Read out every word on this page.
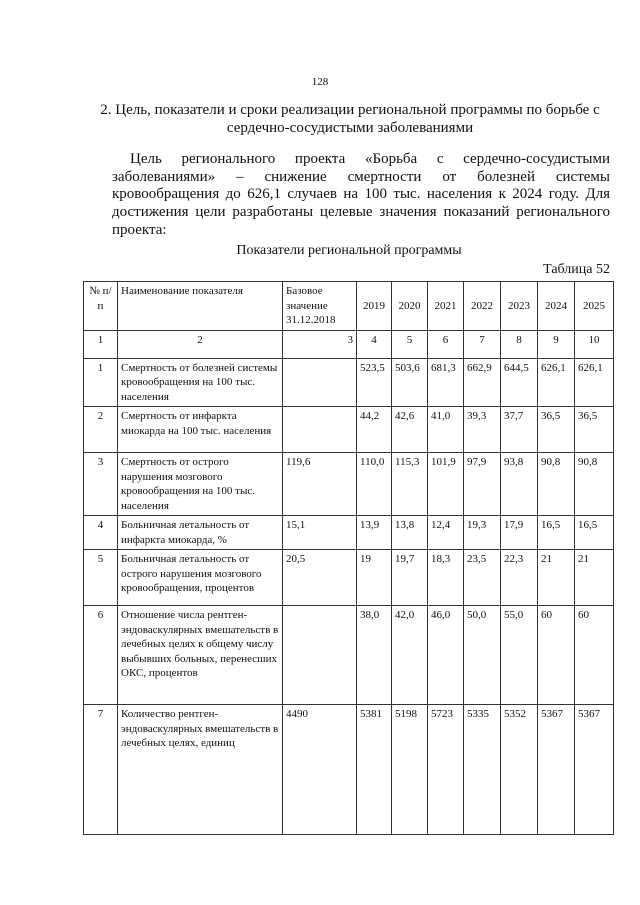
128
2. Цель, показатели и сроки реализации региональной программы по борьбе с сердечно-сосудистыми заболеваниями
Цель регионального проекта «Борьба с сердечно-сосудистыми заболеваниями» – снижение смертности от болезней системы кровообращения до 626,1 случаев на 100 тыс. населения к 2024 году. Для достижения цели разработаны целевые значения показаний регионального проекта:
Показатели региональной программы
Таблица 52
№ п/п	Наименование показателя	Базовое значение 31.12.2018	2019	2020	2021	2022	2023	2024	2025
1	2	3	4	5	6	7	8	9	10
1	Смертность от болезней системы кровообращения на 100 тыс. населения		523,5	503,6	681,3	662,9	644,5	626,1	626,1
2	Смертность от инфаркта миокарда на 100 тыс. населения		44,2	42,6	41,0	39,3	37,7	36,5	36,5
3	Смертность от острого нарушения мозгового кровообращения на 100 тыс. населения	119,6	110,0	115,3	101,9	97,9	93,8	90,8	90,8
4	Больничная летальность от инфаркта миокарда, %	15,1	13,9	13,8	12,4	19,3	17,9	16,5	16,5
5	Больничная летальность от острого нарушения мозгового кровообращения, процентов	20,5	19	19,7	18,3	23,5	22,3	21	21
6	Отношение числа рентген-эндоваскулярных вмешательств в лечебных целях к общему числу выбывших больных, перенесших ОКС, процентов		38,0	42,0	46,0	50,0	55,0	60	60
7	Количество рентген-эндоваскулярных вмешательств в лечебных целях, единиц	4490	5381	5198	5723	5335	5352	5367	5367
